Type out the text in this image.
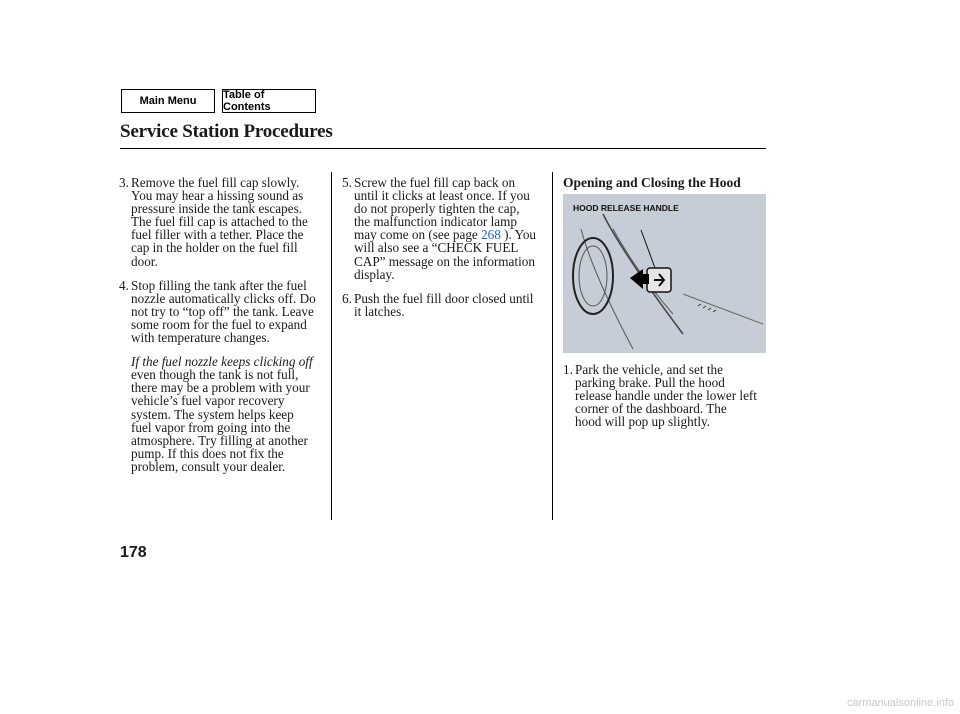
Main Menu	Table of Contents
Service Station Procedures
3. Remove the fuel fill cap slowly.
You may hear a hissing sound as
pressure inside the tank escapes.
The fuel fill cap is attached to the
fuel filler with a tether. Place the
cap in the holder on the fuel fill
door.
4. Stop filling the tank after the fuel
nozzle automatically clicks off. Do
not try to “top off” the tank. Leave
some room for the fuel to expand
with temperature changes.
If the fuel nozzle keeps clicking off
even though the tank is not full,
there may be a problem with your
vehicle’s fuel vapor recovery
system. The system helps keep
fuel vapor from going into the
atmosphere. Try filling at another
pump. If this does not fix the
problem, consult your dealer.
5. Screw the fuel fill cap back on
until it clicks at least once. If you
do not properly tighten the cap,
the malfunction indicator lamp
may come on (see page 268 ). You
will also see a “CHECK FUEL
CAP” message on the information
display.
6. Push the fuel fill door closed until
it latches.
Opening and Closing the Hood
HOOD RELEASE HANDLE
1. Park the vehicle, and set the
parking brake. Pull the hood
release handle under the lower left
corner of the dashboard. The
hood will pop up slightly.
178
carmanualsonline.info
